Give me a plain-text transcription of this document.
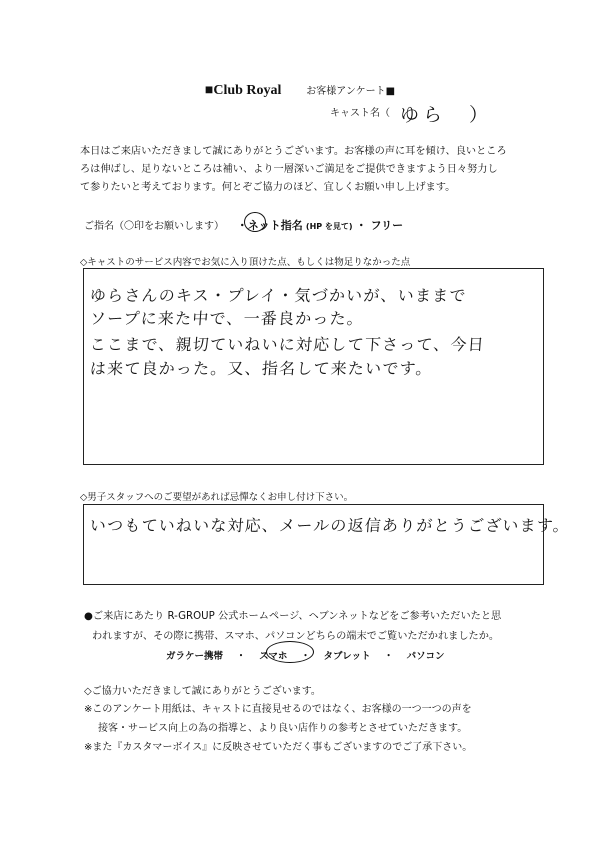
■Club Royal お客様アンケート■
キャスト名（ ゆら　）
本日はご来店いただきまして誠にありがとうございます。お客様の声に耳を傾け、良いところ
ろは伸ばし、足りないところは補い、より一層深いご満足をご提供できますよう日々努力し
て参りたいと考えております。何とぞご協力のほど、宜しくお願い申し上げます。
ご指名（〇印をお願いします） ・ネット指名 (HP を見て) ・ フリー
◇キャストのサービス内容でお気に入り頂けた点、もしくは物足りなかった点
ゆらさんのキス・プレイ・気づかいが、いままで
ソープに来た中で、一番良かった。
ここまで、親切ていねいに対応して下さって、今日
は来て良かった。又、指名して来たいです。
◇男子スタッフへのご要望があれば忌憚なくお申し付け下さい。
いつもていねいな対応、メールの返信ありがとうございます。
●ご来店にあたり R-GROUP 公式ホームページ、ヘブンネットなどをご参考いただいたと思
われますが、その際に携帯、スマホ、パソコンどちらの端末でご覧いただかれましたか。
ガラケー携帯 ・ スマホ ・ タブレット ・ パソコン
◇ご協力いただきまして誠にありがとうございます。
※このアンケート用紙は、キャストに直接見せるのではなく、お客様の一つ一つの声を
接客・サービス向上の為の指導と、より良い店作りの参考とさせていただきます。
※また『カスタマーボイス』に反映させていただく事もございますのでご了承下さい。
